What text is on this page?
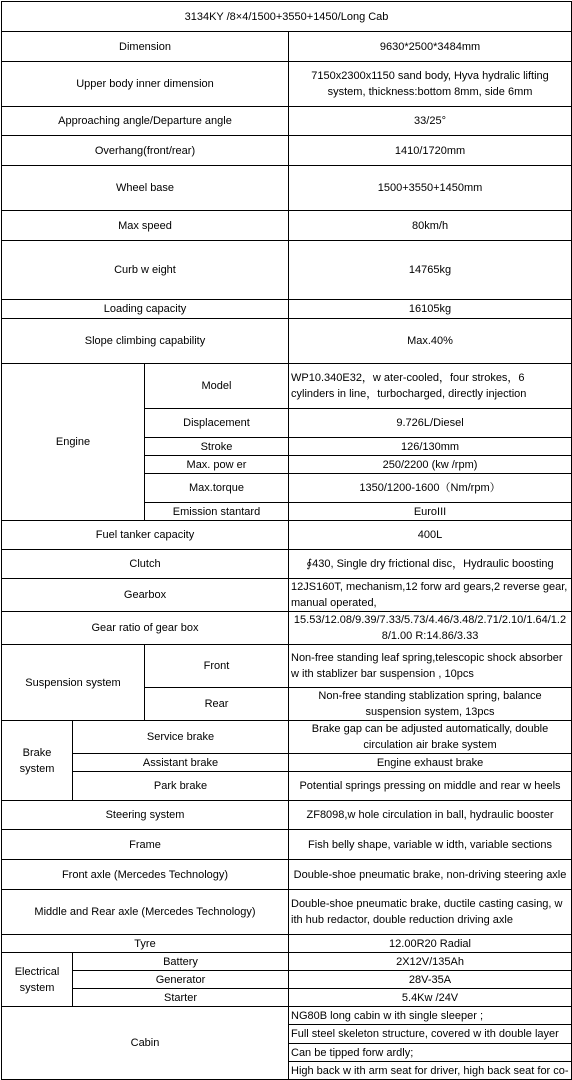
3134KY /8×4/1500+3550+1450/Long Cab			
Dimension			9630*2500*3484mm
Upper body inner dimension			7150x2300x1150 sand body, Hyva hydralic lifting system, thickness:bottom 8mm, side 6mm
Approaching angle/Departure angle			33/25°
Overhang(front/rear)			1410/1720mm
Wheel base			1500+3550+1450mm
Max speed			80km/h
Curb w eight			14765kg
Loading capacity			16105kg
Slope climbing capability			Max.40%
Engine		Model	WP10.340E32，w ater-cooled，four strokes，6 cylinders in line，turbocharged, directly injection
		Displacement	9.726L/Diesel
		Stroke	126/130mm
		Max. pow er	250/2200 (kw /rpm)
		Max.torque	1350/1200-1600（Nm/rpm）
		Emission stantard	EuroIII
Fuel tanker capacity			400L
Clutch			∮430, Single dry frictional disc，Hydraulic boosting
Gearbox			12JS160T, mechanism,12 forw ard gears,2 reverse gear, manual operated,
Gear ratio of gear box			15.53/12.08/9.39/7.33/5.73/4.46/3.48/2.71/2.10/1.64/1.28/1.00 R:14.86/3.33
Suspension system		Front	Non-free standing leaf spring,telescopic shock absorber w ith stablizer bar suspension , 10pcs
		Rear	Non-free standing stablization spring, balance suspension system, 13pcs
Brake system	Service brake		Brake gap can be adjusted automatically, double circulation air brake system
	Assistant brake		Engine exhaust brake
	Park brake		Potential springs pressing on middle and rear w heels
Steering system			ZF8098,w hole circulation in ball, hydraulic booster
Frame			Fish belly shape, variable w idth, variable sections
Front axle (Mercedes Technology)			Double-shoe pneumatic brake, non-driving steering axle
Middle and Rear axle (Mercedes Technology)			Double-shoe pneumatic brake, ductile casting casing, w ith hub redactor, double reduction driving axle
Tyre			12.00R20 Radial
Electrical system	Battery		2X12V/135Ah
	Generator		28V-35A
	Starter		5.4Kw /24V
Cabin			NG80B long cabin w ith single sleeper ;
			Full steel skeleton structure, covered w ith double layer
			Can be tipped forw ardly;
			High back w ith arm seat for driver, high back seat for co-
